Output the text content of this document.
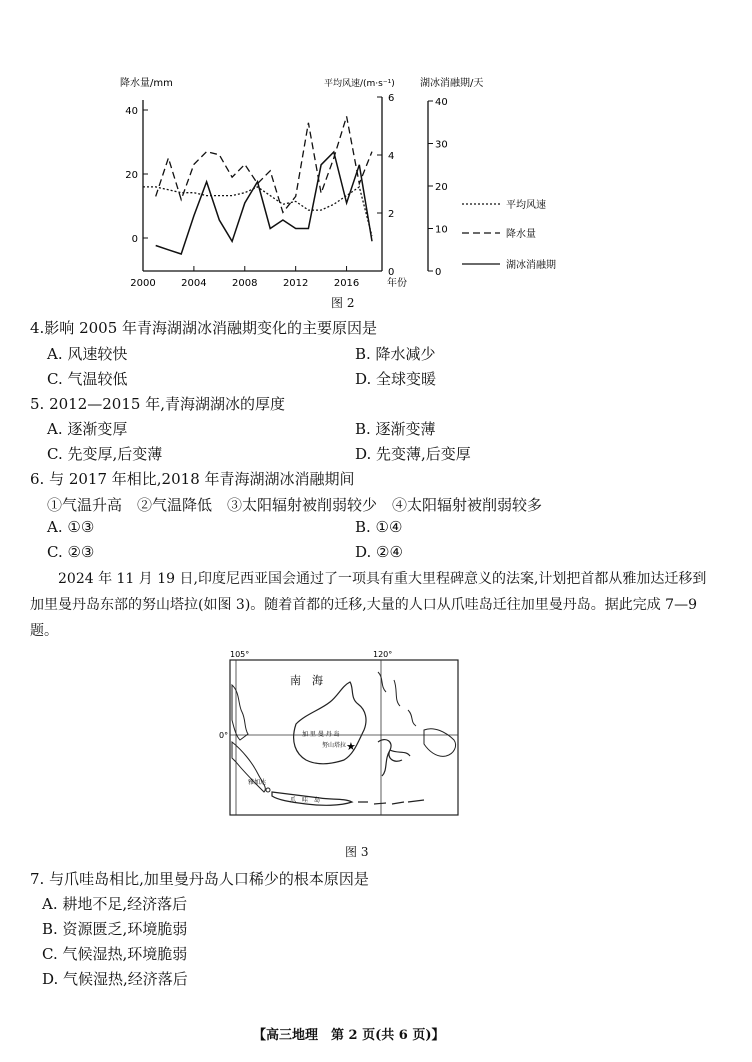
2000	2004	2008	2012	2016	年份
40
20
0
降水量/mm
6
4
2
0
平均风速/(m·s⁻¹)
40
30
20
10
0
湖冰消融期/天
平均风速
降水量
湖冰消融期
图 2
4.影响 2005 年青海湖湖冰消融期变化的主要原因是
A. 风速较快	B. 降水减少
C. 气温较低	D. 全球变暖
5. 2012—2015 年,青海湖湖冰的厚度
A. 逐渐变厚	B. 逐渐变薄
C. 先变厚,后变薄	D. 先变薄,后变厚
6. 与 2017 年相比,2018 年青海湖湖冰消融期间
①气温升高　②气温降低　③太阳辐射被削弱较少　④太阳辐射被削弱较多
A. ①③	B. ①④
C. ②③	D. ②④
2024 年 11 月 19 日,印度尼西亚国会通过了一项具有重大里程碑意义的法案,计划把首都从雅加达迁移到加里曼丹岛东部的努山塔拉(如图 3)。随着首都的迁移,大量的人口从爪哇岛迁往加里曼丹岛。据此完成 7—9 题。
105°	120°
0°
南　海
加 里 曼 丹 岛
努山塔拉 ★
雅加达
爪　哇　岛
图 3
7. 与爪哇岛相比,加里曼丹岛人口稀少的根本原因是
A. 耕地不足,经济落后
B. 资源匮乏,环境脆弱
C. 气候湿热,环境脆弱
D. 气候湿热,经济落后
【高三地理　第 2 页(共 6 页)】
